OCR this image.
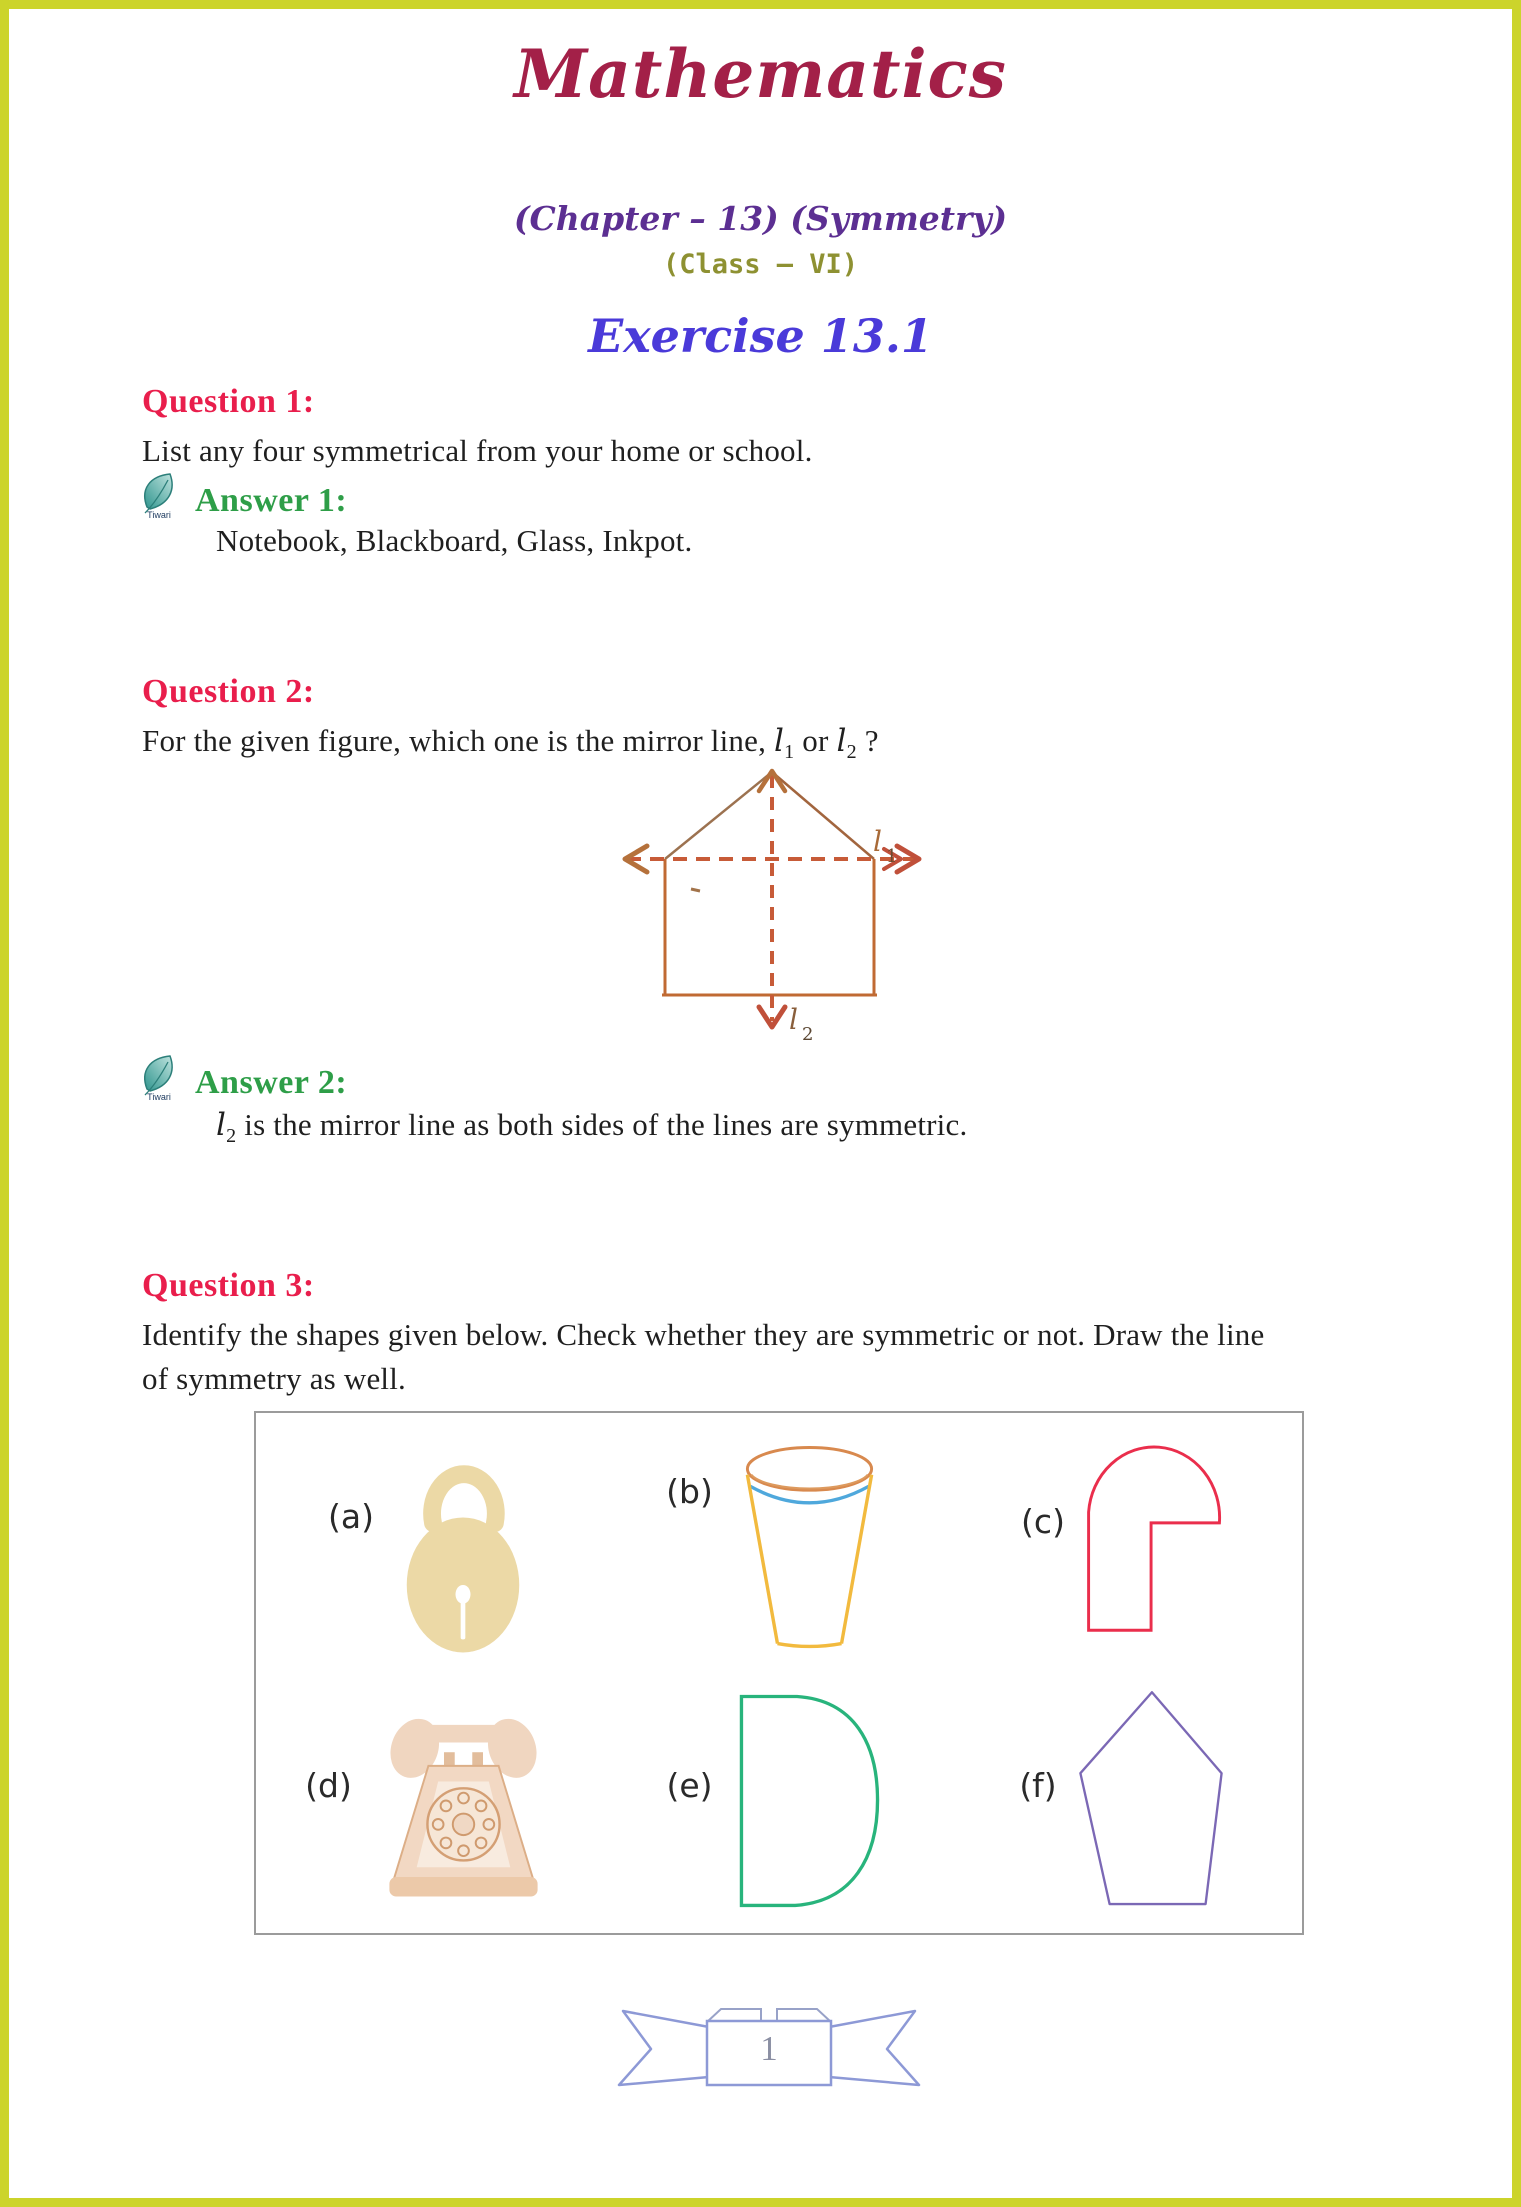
Mathematics
(Chapter – 13) (Symmetry)
(Class – VI)
Exercise 13.1
Question 1:

List any four symmetrical from your home or school.

Tiwari Answer 1:

Notebook, Blackboard, Glass, Inkpot.

Question 2:

For the given figure, which one is the mirror line, $l_1$ or $l_2$ ?

l 1
l 2
Tiwari Answer 2:

$l_2$ is the mirror line as both sides of the lines are symmetric.

Question 3:

Identify the shapes given below. Check whether they are symmetric or not. Draw the line

of symmetry as well.

(a)
(b)
(c)
(d)	(e)	(f)
1
